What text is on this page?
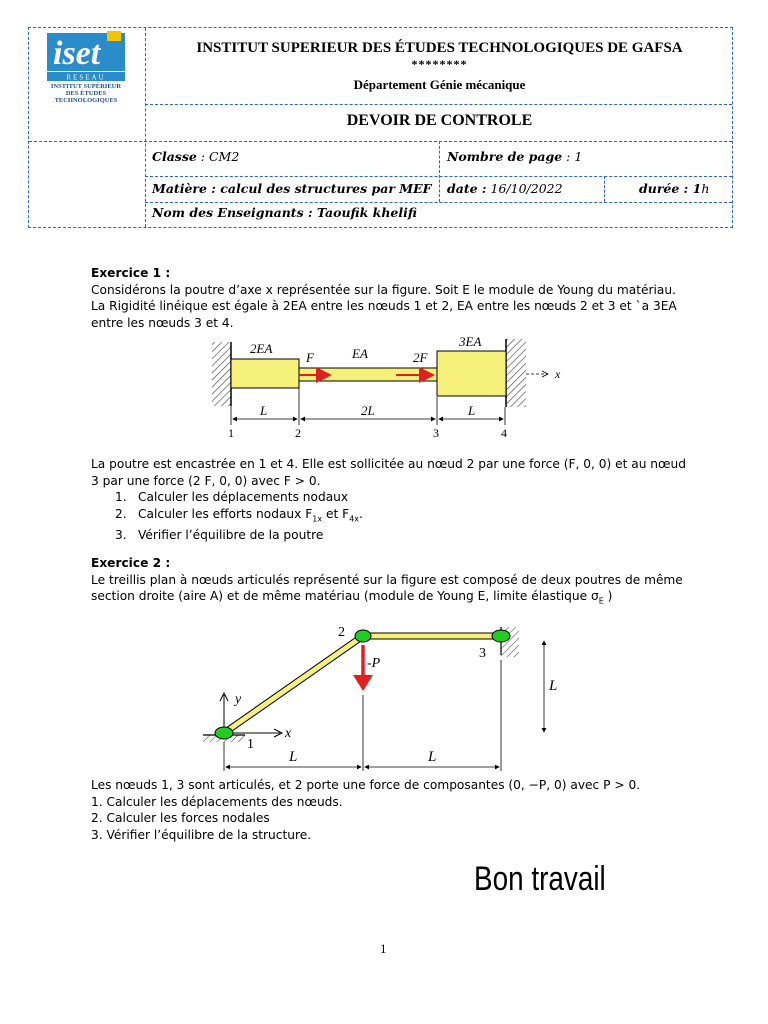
iset
RESEAU
INSTITUT SUPÉRIEUR
DES ÉTUDES
TECHNOLOGIQUES
INSTITUT SUPERIEUR DES ÉTUDES TECHNOLOGIQUES DE GAFSA
********
Département Génie mécanique
DEVOIR DE CONTROLE
Classe : CM2	Nombre de page : 1
Matière : calcul des structures par MEF date : 16/10/2022	durée : 1h
Nom des Enseignants : Taoufik khelifi

Exercice 1 :

Considérons la poutre d’axe x représentée sur la figure. Soit E le module de Young du matériau. La Rigidité linéique est égale à 2EA entre les nœuds 1 et 2, EA entre les nœuds 2 et 3 et `a 3EA entre les nœuds 3 et 4.

x
2EA	EA
3EA
F	2F
L	2L	L
1	2	3	4

La poutre est encastrée en 1 et 4. Elle est sollicitée au nœud 2 par une force (F, 0, 0) et au nœud 3 par une force (2 F, 0, 0) avec F > 0.

1. Calculer les déplacements nodaux
2. Calculer les efforts nodaux $F_{1x}$ et $F_{4x}$.
3. Vérifier l’équilibre de la poutre

Exercice 2 :

Le treillis plan à nœuds articulés représenté sur la figure est composé de deux poutres de même section droite (aire A) et de même matériau (module de Young E, limite élastique $\sigma_E$ )

y
x
1
2
3
-P
L
L	L

Les nœuds 1, 3 sont articulés, et 2 porte une force de composantes (0, −P, 0) avec P > 0.

1. Calculer les déplacements des nœuds.

2. Calculer les forces nodales

3. Vérifier l’équilibre de la structure.

Bon travail
1
